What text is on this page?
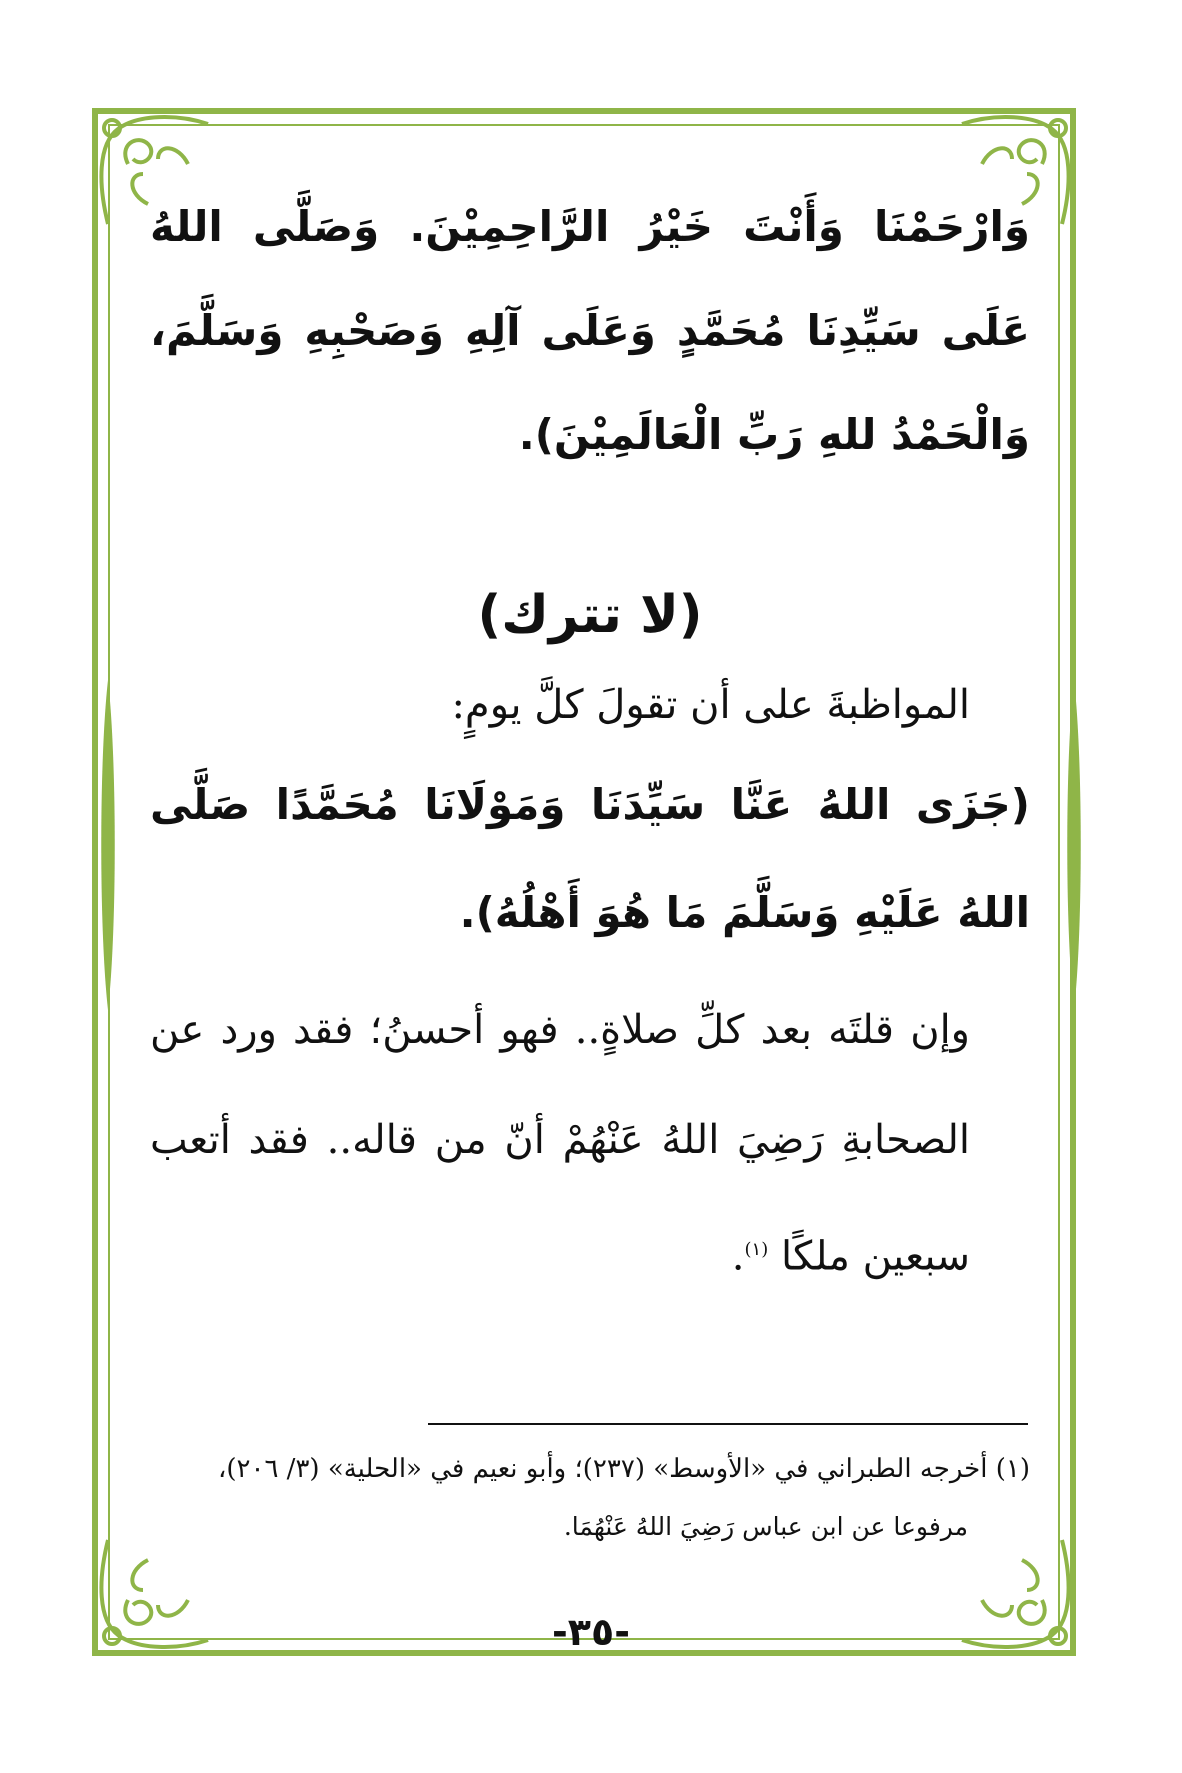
وَارْحَمْنَا وَأَنْتَ خَيْرُ الرَّاحِمِيْنَ. وَصَلَّى اللهُ عَلَى سَيِّدِنَا مُحَمَّدٍ وَعَلَى آلِهِ وَصَحْبِهِ وَسَلَّمَ، وَالْحَمْدُ للهِ رَبِّ الْعَالَمِيْنَ).

(لا تترك)

المواظبةَ على أن تقولَ كلَّ يومٍ:

(جَزَى اللهُ عَنَّا سَيِّدَنَا وَمَوْلَانَا مُحَمَّدًا صَلَّى اللهُ عَلَيْهِ وَسَلَّمَ مَا هُوَ أَهْلُهُ).

وإن قلتَه بعد كلِّ صلاةٍ.. فهو أحسنُ؛ فقد ورد عن الصحابةِ رَضِيَ اللهُ عَنْهُمْ أنّ من قاله.. فقد أتعب سبعين ملكًا $^{(١)}$.

(١) أخرجه الطبراني في «الأوسط» (٢٣٧)؛ وأبو نعيم في «الحلية» (٣/ ٢٠٦)،

مرفوعا عن ابن عباس رَضِيَ اللهُ عَنْهُمَا.

-٣٥-
